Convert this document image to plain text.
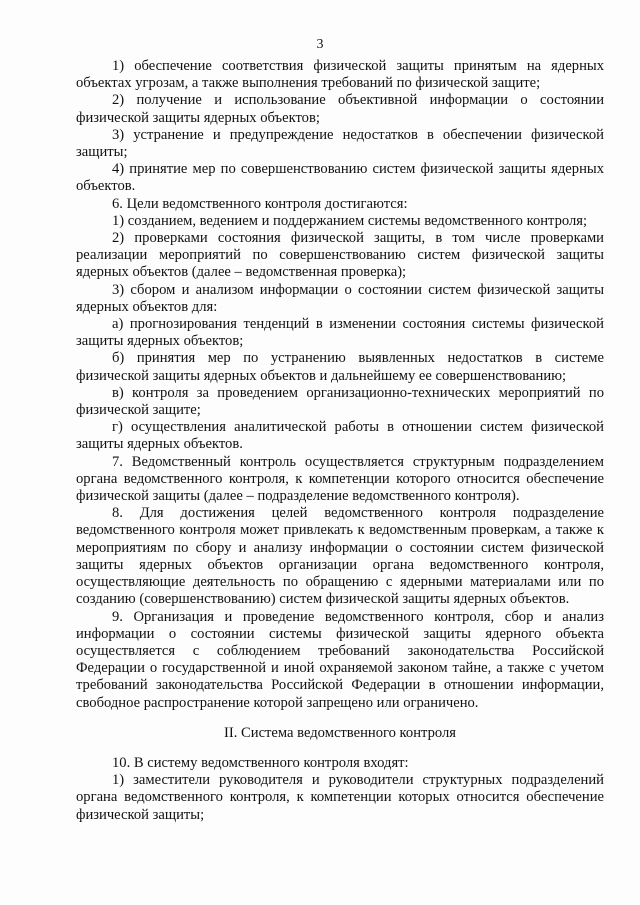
3

1) обеспечение соответствия физической защиты принятым на ядерных объектах угрозам, а также выполнения требований по физической защите;

2) получение и использование объективной информации о состоянии физической защиты ядерных объектов;

3) устранение и предупреждение недостатков в обеспечении физической защиты;

4) принятие мер по совершенствованию систем физической защиты ядерных объектов.

6. Цели ведомственного контроля достигаются:

1) созданием, ведением и поддержанием системы ведомственного контроля;

2) проверками состояния физической защиты, в том числе проверками реализации мероприятий по совершенствованию систем физической защиты ядерных объектов (далее – ведомственная проверка);

3) сбором и анализом информации о состоянии систем физической защиты ядерных объектов для:

а) прогнозирования тенденций в изменении состояния системы физической защиты ядерных объектов;

б) принятия мер по устранению выявленных недостатков в системе физической защиты ядерных объектов и дальнейшему ее совершенствованию;

в) контроля за проведением организационно-технических мероприятий по физической защите;

г) осуществления аналитической работы в отношении систем физической защиты ядерных объектов.

7. Ведомственный контроль осуществляется структурным подразделением органа ведомственного контроля, к компетенции которого относится обеспечение физической защиты (далее – подразделение ведомственного контроля).

8. Для достижения целей ведомственного контроля подразделение ведомственного контроля может привлекать к ведомственным проверкам, а также к мероприятиям по сбору и анализу информации о состоянии систем физической защиты ядерных объектов организации органа ведомственного контроля, осуществляющие деятельность по обращению с ядерными материалами или по созданию (совершенствованию) систем физической защиты ядерных объектов.

9. Организация и проведение ведомственного контроля, сбор и анализ информации о состоянии системы физической защиты ядерного объекта осуществляется с соблюдением требований законодательства Российской Федерации о государственной и иной охраняемой законом тайне, а также с учетом требований законодательства Российской Федерации в отношении информации, свободное распространение которой запрещено или ограничено.

II. Система ведомственного контроля

10. В систему ведомственного контроля входят:

1) заместители руководителя и руководители структурных подразделений органа ведомственного контроля, к компетенции которых относится обеспечение физической защиты;
